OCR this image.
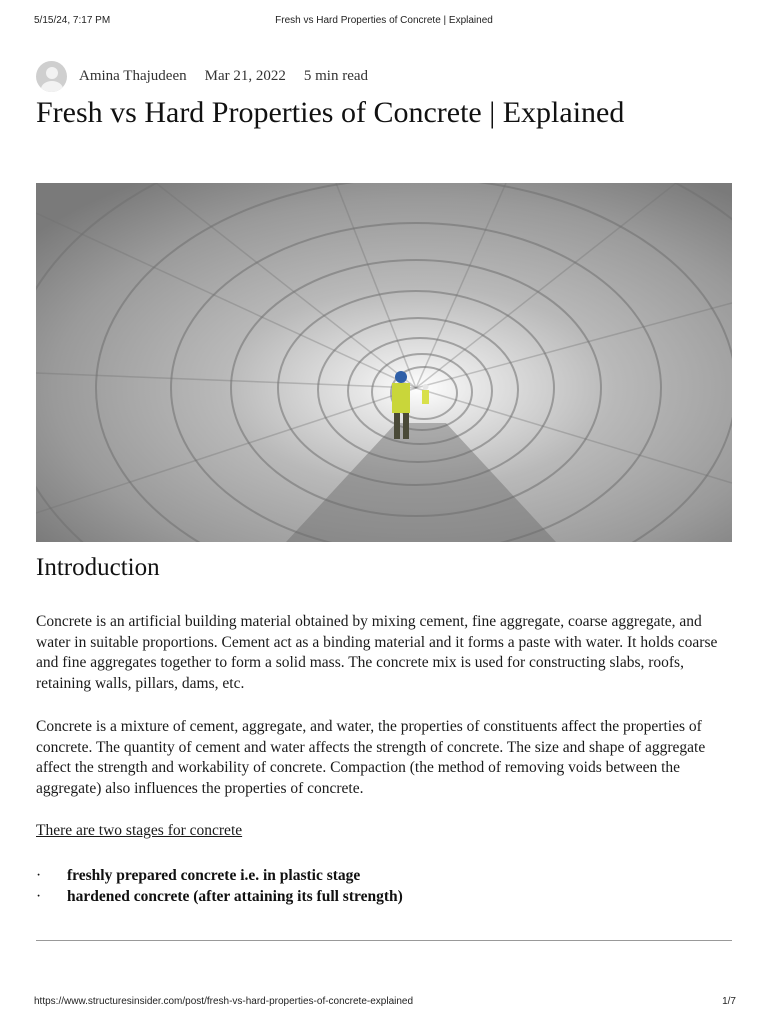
5/15/24, 7:17 PM	Fresh vs Hard Properties of Concrete | Explained
Amina Thajudeen Mar 21, 2022 5 min read
Fresh vs Hard Properties of Concrete | Explained
Introduction

Concrete is an artificial building material obtained by mixing cement, fine aggregate, coarse aggregate, and water in suitable proportions. Cement act as a binding material and it forms a paste with water. It holds coarse and fine aggregates together to form a solid mass. The concrete mix is used for constructing slabs, roofs, retaining walls, pillars, dams, etc.

Concrete is a mixture of cement, aggregate, and water, the properties of constituents affect the properties of concrete. The quantity of cement and water affects the strength of concrete. The size and shape of aggregate affect the strength and workability of concrete. Compaction (the method of removing voids between the aggregate) also influences the properties of concrete.

There are two stages for concrete

·	freshly prepared concrete i.e. in plastic stage
·	hardened concrete (after attaining its full strength)
https://www.structuresinsider.com/post/fresh-vs-hard-properties-of-concrete-explained	1/7
